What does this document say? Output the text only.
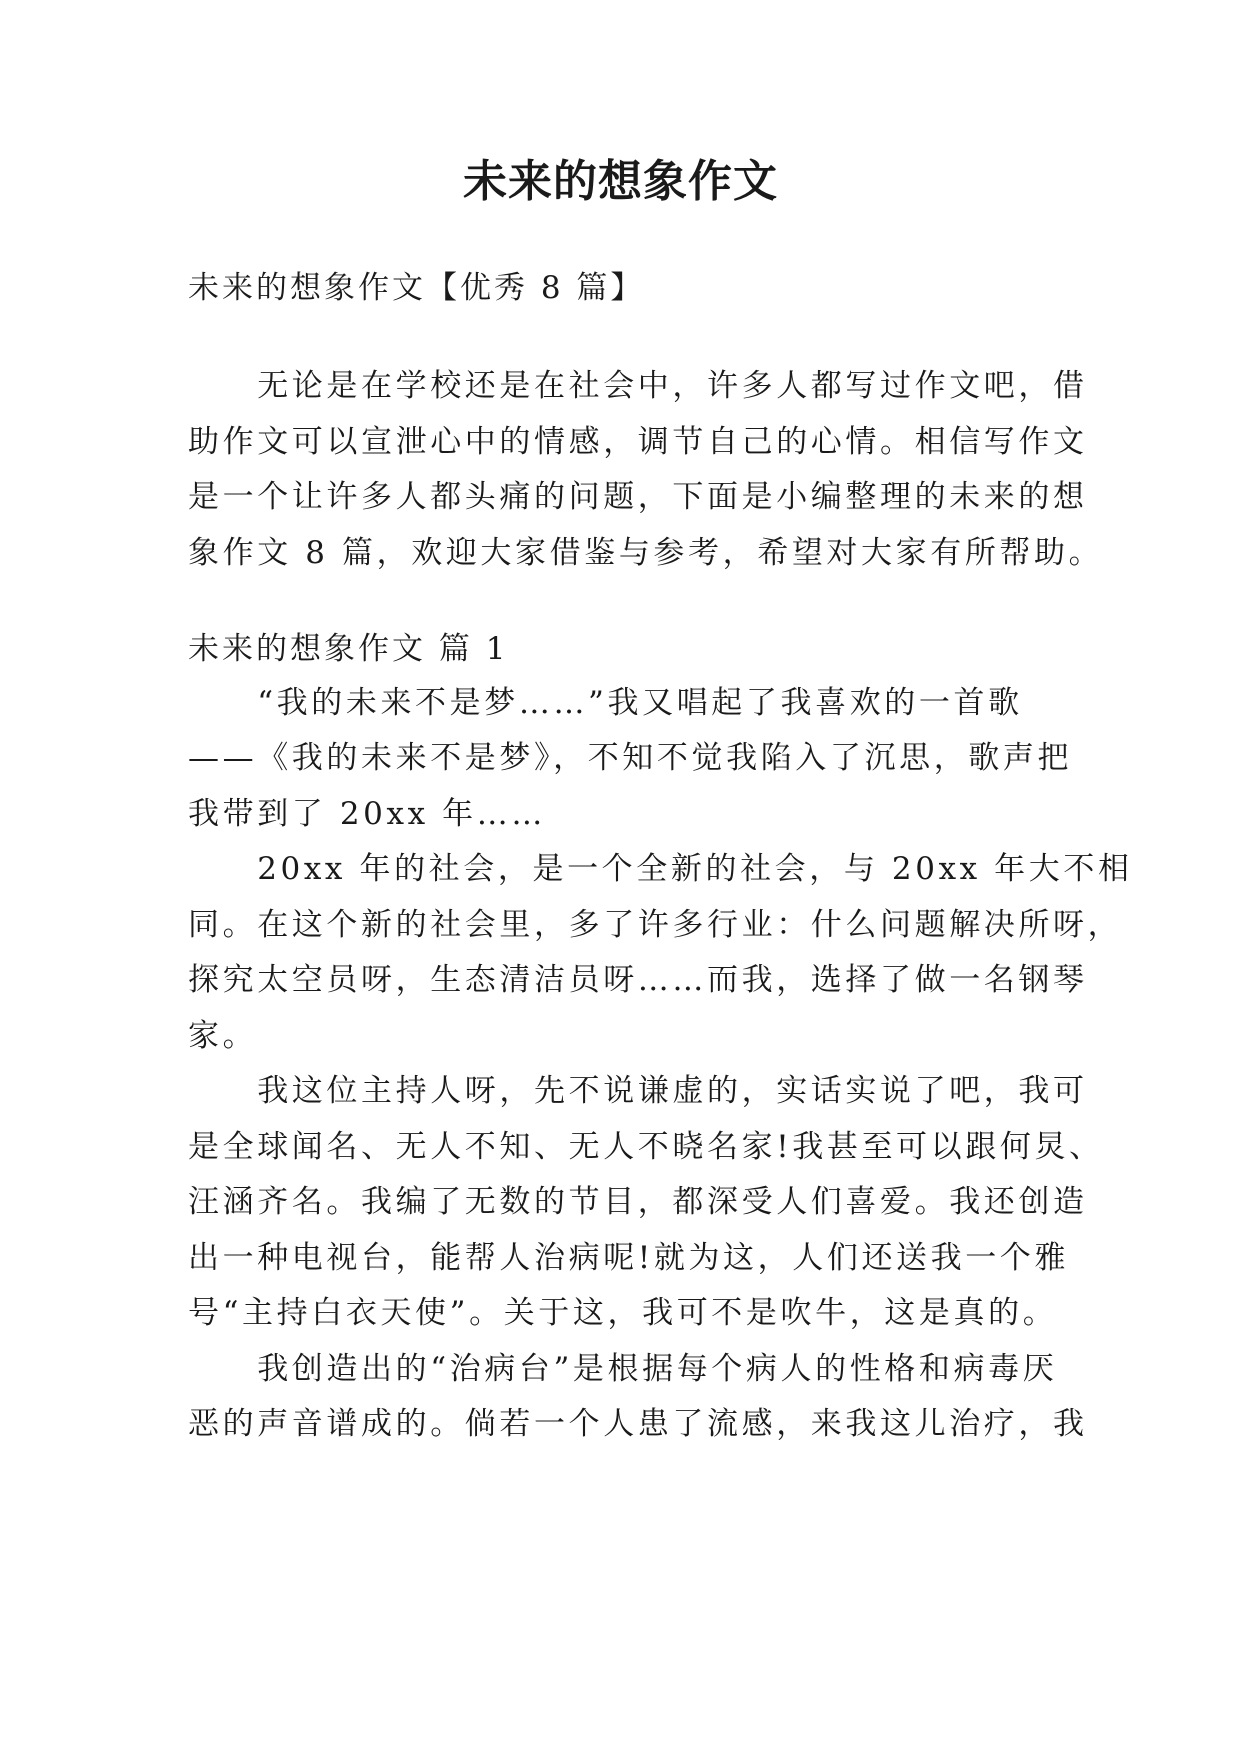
未来的想象作文

未来的想象作文【优秀 8 篇】

　　无论是在学校还是在社会中，许多人都写过作文吧，借

助作文可以宣泄心中的情感，调节自己的心情。相信写作文

是一个让许多人都头痛的问题，下面是小编整理的未来的想

象作文 8 篇，欢迎大家借鉴与参考，希望对大家有所帮助。

未来的想象作文 篇 1

　　“我的未来不是梦……”我又唱起了我喜欢的一首歌

——《我的未来不是梦》，不知不觉我陷入了沉思，歌声把

我带到了 20xx 年……

　　20xx 年的社会，是一个全新的社会，与 20xx 年大不相

同。在这个新的社会里，多了许多行业：什么问题解决所呀，

探究太空员呀，生态清洁员呀……而我，选择了做一名钢琴

家。

　　我这位主持人呀，先不说谦虚的，实话实说了吧，我可

是全球闻名、无人不知、无人不晓名家!我甚至可以跟何炅、

汪涵齐名。我编了无数的节目，都深受人们喜爱。我还创造

出一种电视台，能帮人治病呢!就为这，人们还送我一个雅

号“主持白衣天使”。关于这，我可不是吹牛，这是真的。

　　我创造出的“治病台”是根据每个病人的性格和病毒厌

恶的声音谱成的。倘若一个人患了流感，来我这儿治疗，我
